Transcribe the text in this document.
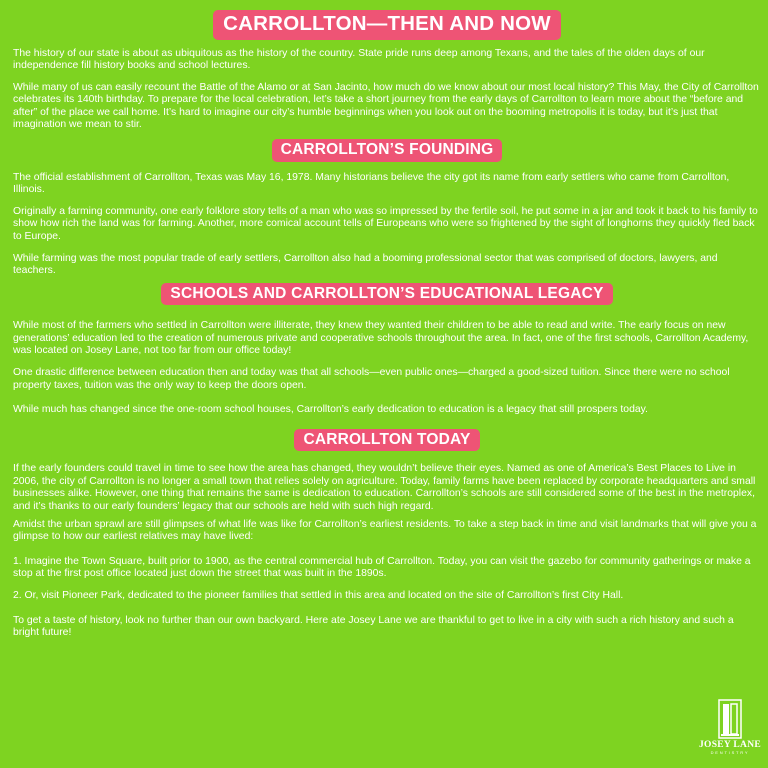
CARROLLTON—THEN AND NOW

The history of our state is about as ubiquitous as the history of the country. State pride runs deep among Texans, and the tales of the olden days of our independence fill history books and school lectures.

While many of us can easily recount the Battle of the Alamo or at San Jacinto, how much do we know about our most local history? This May, the City of Carrollton celebrates its 140th birthday. To prepare for the local celebration, let’s take a short journey from the early days of Carrollton to learn more about the “before and after” of the place we call home. It’s hard to imagine our city’s humble beginnings when you look out on the booming metropolis it is today, but it’s just that imagination we mean to stir.

CARROLLTON’S FOUNDING

The official establishment of Carrollton, Texas was May 16, 1978. Many historians believe the city got its name from early settlers who came from Carrollton, Illinois.

Originally a farming community, one early folklore story tells of a man who was so impressed by the fertile soil, he put some in a jar and took it back to his family to show how rich the land was for farming. Another, more comical account tells of Europeans who were so frightened by the sight of longhorns they quickly fled back to Europe.

While farming was the most popular trade of early settlers, Carrollton also had a booming professional sector that was comprised of doctors, lawyers, and teachers.

SCHOOLS AND CARROLLTON’S EDUCATIONAL LEGACY

While most of the farmers who settled in Carrollton were illiterate, they knew they wanted their children to be able to read and write. The early focus on new generations’ education led to the creation of numerous private and cooperative schools throughout the area. In fact, one of the first schools, Carrollton Academy, was located on Josey Lane, not too far from our office today!

One drastic difference between education then and today was that all schools—even public ones—charged a good-sized tuition. Since there were no school property taxes, tuition was the only way to keep the doors open.

While much has changed since the one-room school houses, Carrollton’s early dedication to education is a legacy that still prospers today.

CARROLLTON TODAY

If the early founders could travel in time to see how the area has changed, they wouldn’t believe their eyes. Named as one of America’s Best Places to Live in 2006, the city of Carrollton is no longer a small town that relies solely on agriculture. Today, family farms have been replaced by corporate headquarters and small businesses alike. However, one thing that remains the same is dedication to education. Carrollton’s schools are still considered some of the best in the metroplex, and it’s thanks to our early founders’ legacy that our schools are held with such high regard.

Amidst the urban sprawl are still glimpses of what life was like for Carrollton’s earliest residents. To take a step back in time and visit landmarks that will give you a glimpse to how our earliest relatives may have lived:

1. Imagine the Town Square, built prior to 1900, as the central commercial hub of Carrollton. Today, you can visit the gazebo for community gatherings or make a stop at the first post office located just down the street that was built in the 1890s.

2. Or, visit Pioneer Park, dedicated to the pioneer families that settled in this area and located on the site of Carrollton’s first City Hall.

To get a taste of history, look no further than our own backyard. Here ate Josey Lane we are thankful to get to live in a city with such a rich history and such a bright future!

JOSEY LANE
DENTISTRY
